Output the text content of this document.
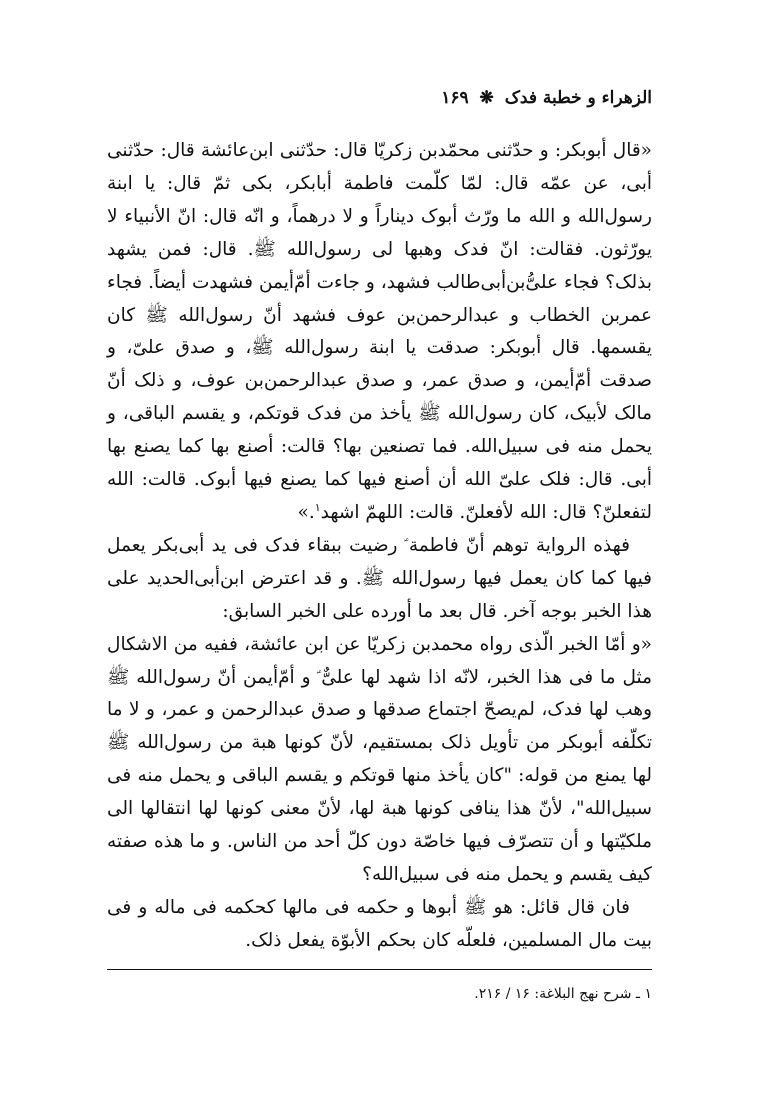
الزهراء و خطبة فدک ❋ ۱۶۹

«قال أبوبکر: و حدّثنی محمّدبن زکریّا قال: حدّثنی ابن‌عائشة قال: حدّثنی أبی، عن عمّه قال: لمّا کلّمت فاطمة أبابکر، بکی ثمّ قال: یا ابنة رسول‌الله و الله ما ورّث أبوک دیناراً و لا درهماً، و انّه قال: انّ الأنبیاء لا یورّثون. فقالت: انّ فدک وهبها لی رسول‌الله ﷺ. قال: فمن یشهد بذلک؟ فجاء علیُّ‌بن‌أبی‌طالب فشهد، و جاءت أمّ‌أیمن فشهدت أیضاً. فجاء عمربن الخطاب و عبدالرحمن‌بن عوف فشهد أنّ رسول‌الله ﷺ کان یقسمها. قال أبوبکر: صدقت یا ابنة رسول‌الله ﷺ، و صدق علیّ، و صدقت أمّ‌أیمن، و صدق عمر، و صدق عبدالرحمن‌بن عوف، و ذلک أنّ مالک لأبیک، کان رسول‌الله ﷺ یأخذ من فدک قوتکم، و یقسم الباقی، و یحمل منه فی سبیل‌الله. فما تصنعین بها؟ قالت: أصنع بها کما یصنع بها أبی. قال: فلک علیّ الله أن أصنع فیها کما یصنع فیها أبوک. قالت: الله لتفعلنّ؟ قال: الله لأفعلنّ. قالت: اللهمّ اشهد$^۱$.»

فهذه الروایة توهم أنّ فاطمة ؑ رضیت ببقاء فدک فی ید أبی‌بکر یعمل فیها کما کان یعمل فیها رسول‌الله ﷺ. و قد اعترض ابن‌أبی‌الحدید علی هذا الخبر بوجه آخر. قال بعد ما أورده علی الخبر السابق:

«و أمّا الخبر الّذی رواه محمدبن زکریّا عن ابن عائشة، ففیه من الاشکال مثل ما فی هذا الخبر، لانّه اذا شهد لها علیٌّ ؑ و أمّ‌أیمن أنّ رسول‌الله ﷺ وهب لها فدک، لم‌یصحّ اجتماع صدقها و صدق عبدالرحمن و عمر، و لا ما تکلّفه أبوبکر من تأویل ذلک بمستقیم، لأنّ کونها هبة من رسول‌الله ﷺ لها یمنع من قوله: "کان یأخذ منها قوتکم و یقسم الباقی و یحمل منه فی سبیل‌الله"، لأنّ هذا ینافی کونها هبة لها، لأنّ معنی کونها لها انتقالها الی ملکیّتها و أن تتصرّف فیها خاصّة دون کلّ أحد من الناس. و ما هذه صفته کیف یقسم و یحمل منه فی سبیل‌الله؟

فان قال قائل: هو ﷺ أبوها و حکمه فی مالها کحکمه فی ماله و فی بیت مال المسلمین، فلعلّه کان بحکم الأبوّة یفعل ذلک.

۱ ـ شرح نهج البلاغة: ۱۶ / ۲۱۶.
